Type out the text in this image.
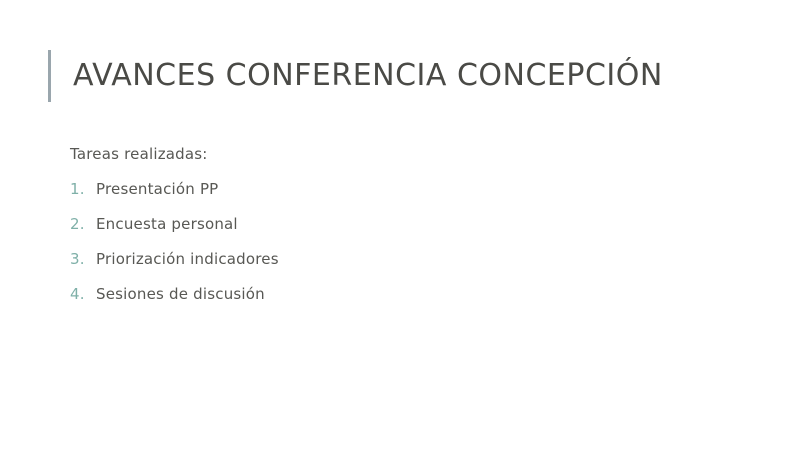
AVANCES CONFERENCIA CONCEPCIÓN
Tareas realizadas:
1. Presentación PP
2. Encuesta personal
3. Priorización indicadores
4. Sesiones de discusión
